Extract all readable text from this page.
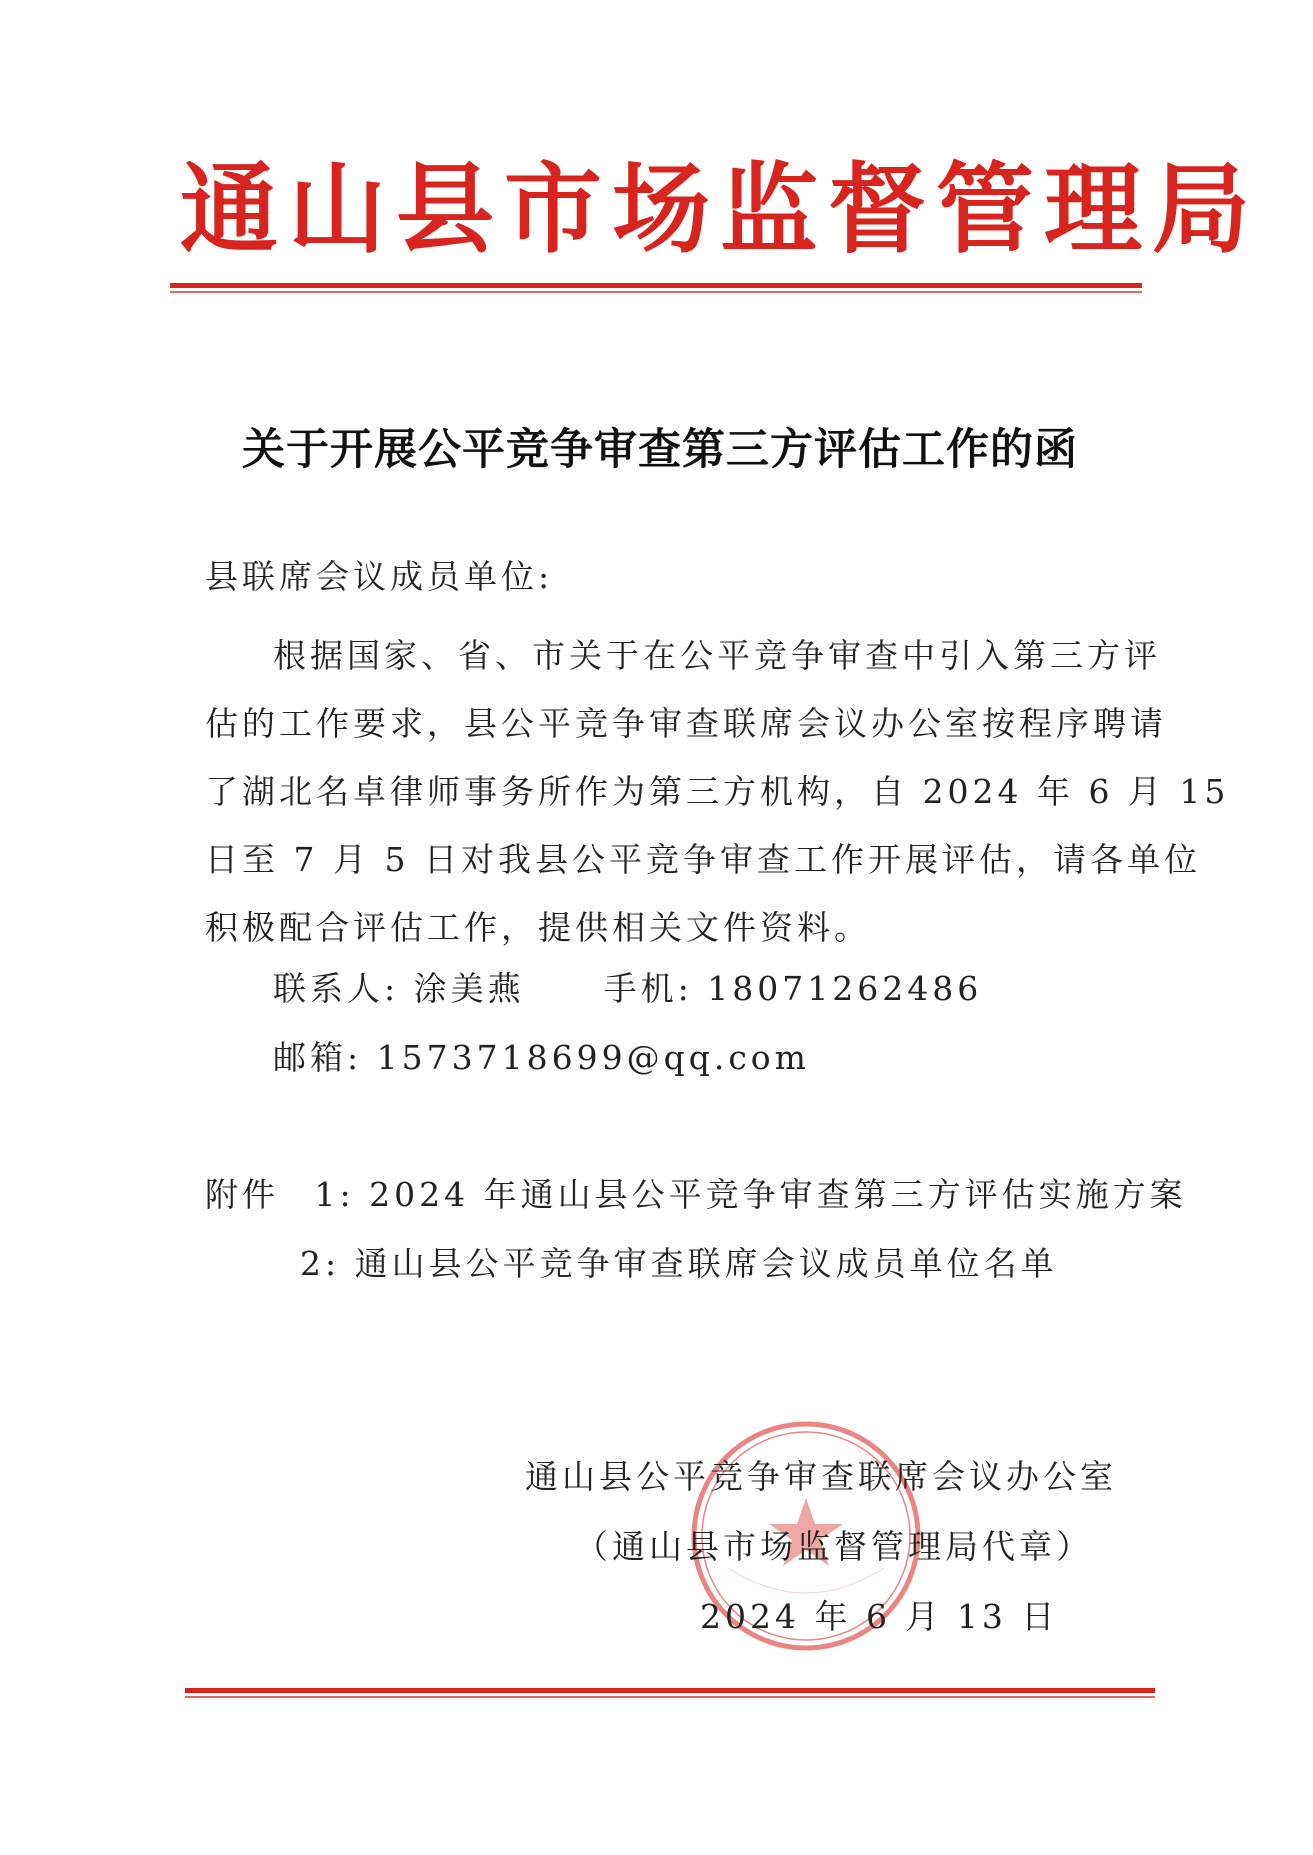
通山县市场监督管理局
关于开展公平竞争审查第三方评估工作的函
县联席会议成员单位:
根据国家、省、市关于在公平竞争审查中引入第三方评
估的工作要求，县公平竞争审查联席会议办公室按程序聘请
了湖北名卓律师事务所作为第三方机构，自 2024 年 6 月 15
日至 7 月 5 日对我县公平竞争审查工作开展评估，请各单位
积极配合评估工作，提供相关文件资料。
联系人: 涂美燕 手机: 18071262486
邮箱: 1573718699@qq.com
附件 1: 2024 年通山县公平竞争审查第三方评估实施方案
2: 通山县公平竞争审查联席会议成员单位名单
通山县公平竞争审查联席会议办公室
（通山县市场监督管理局代章）
2024 年 6 月 13 日
